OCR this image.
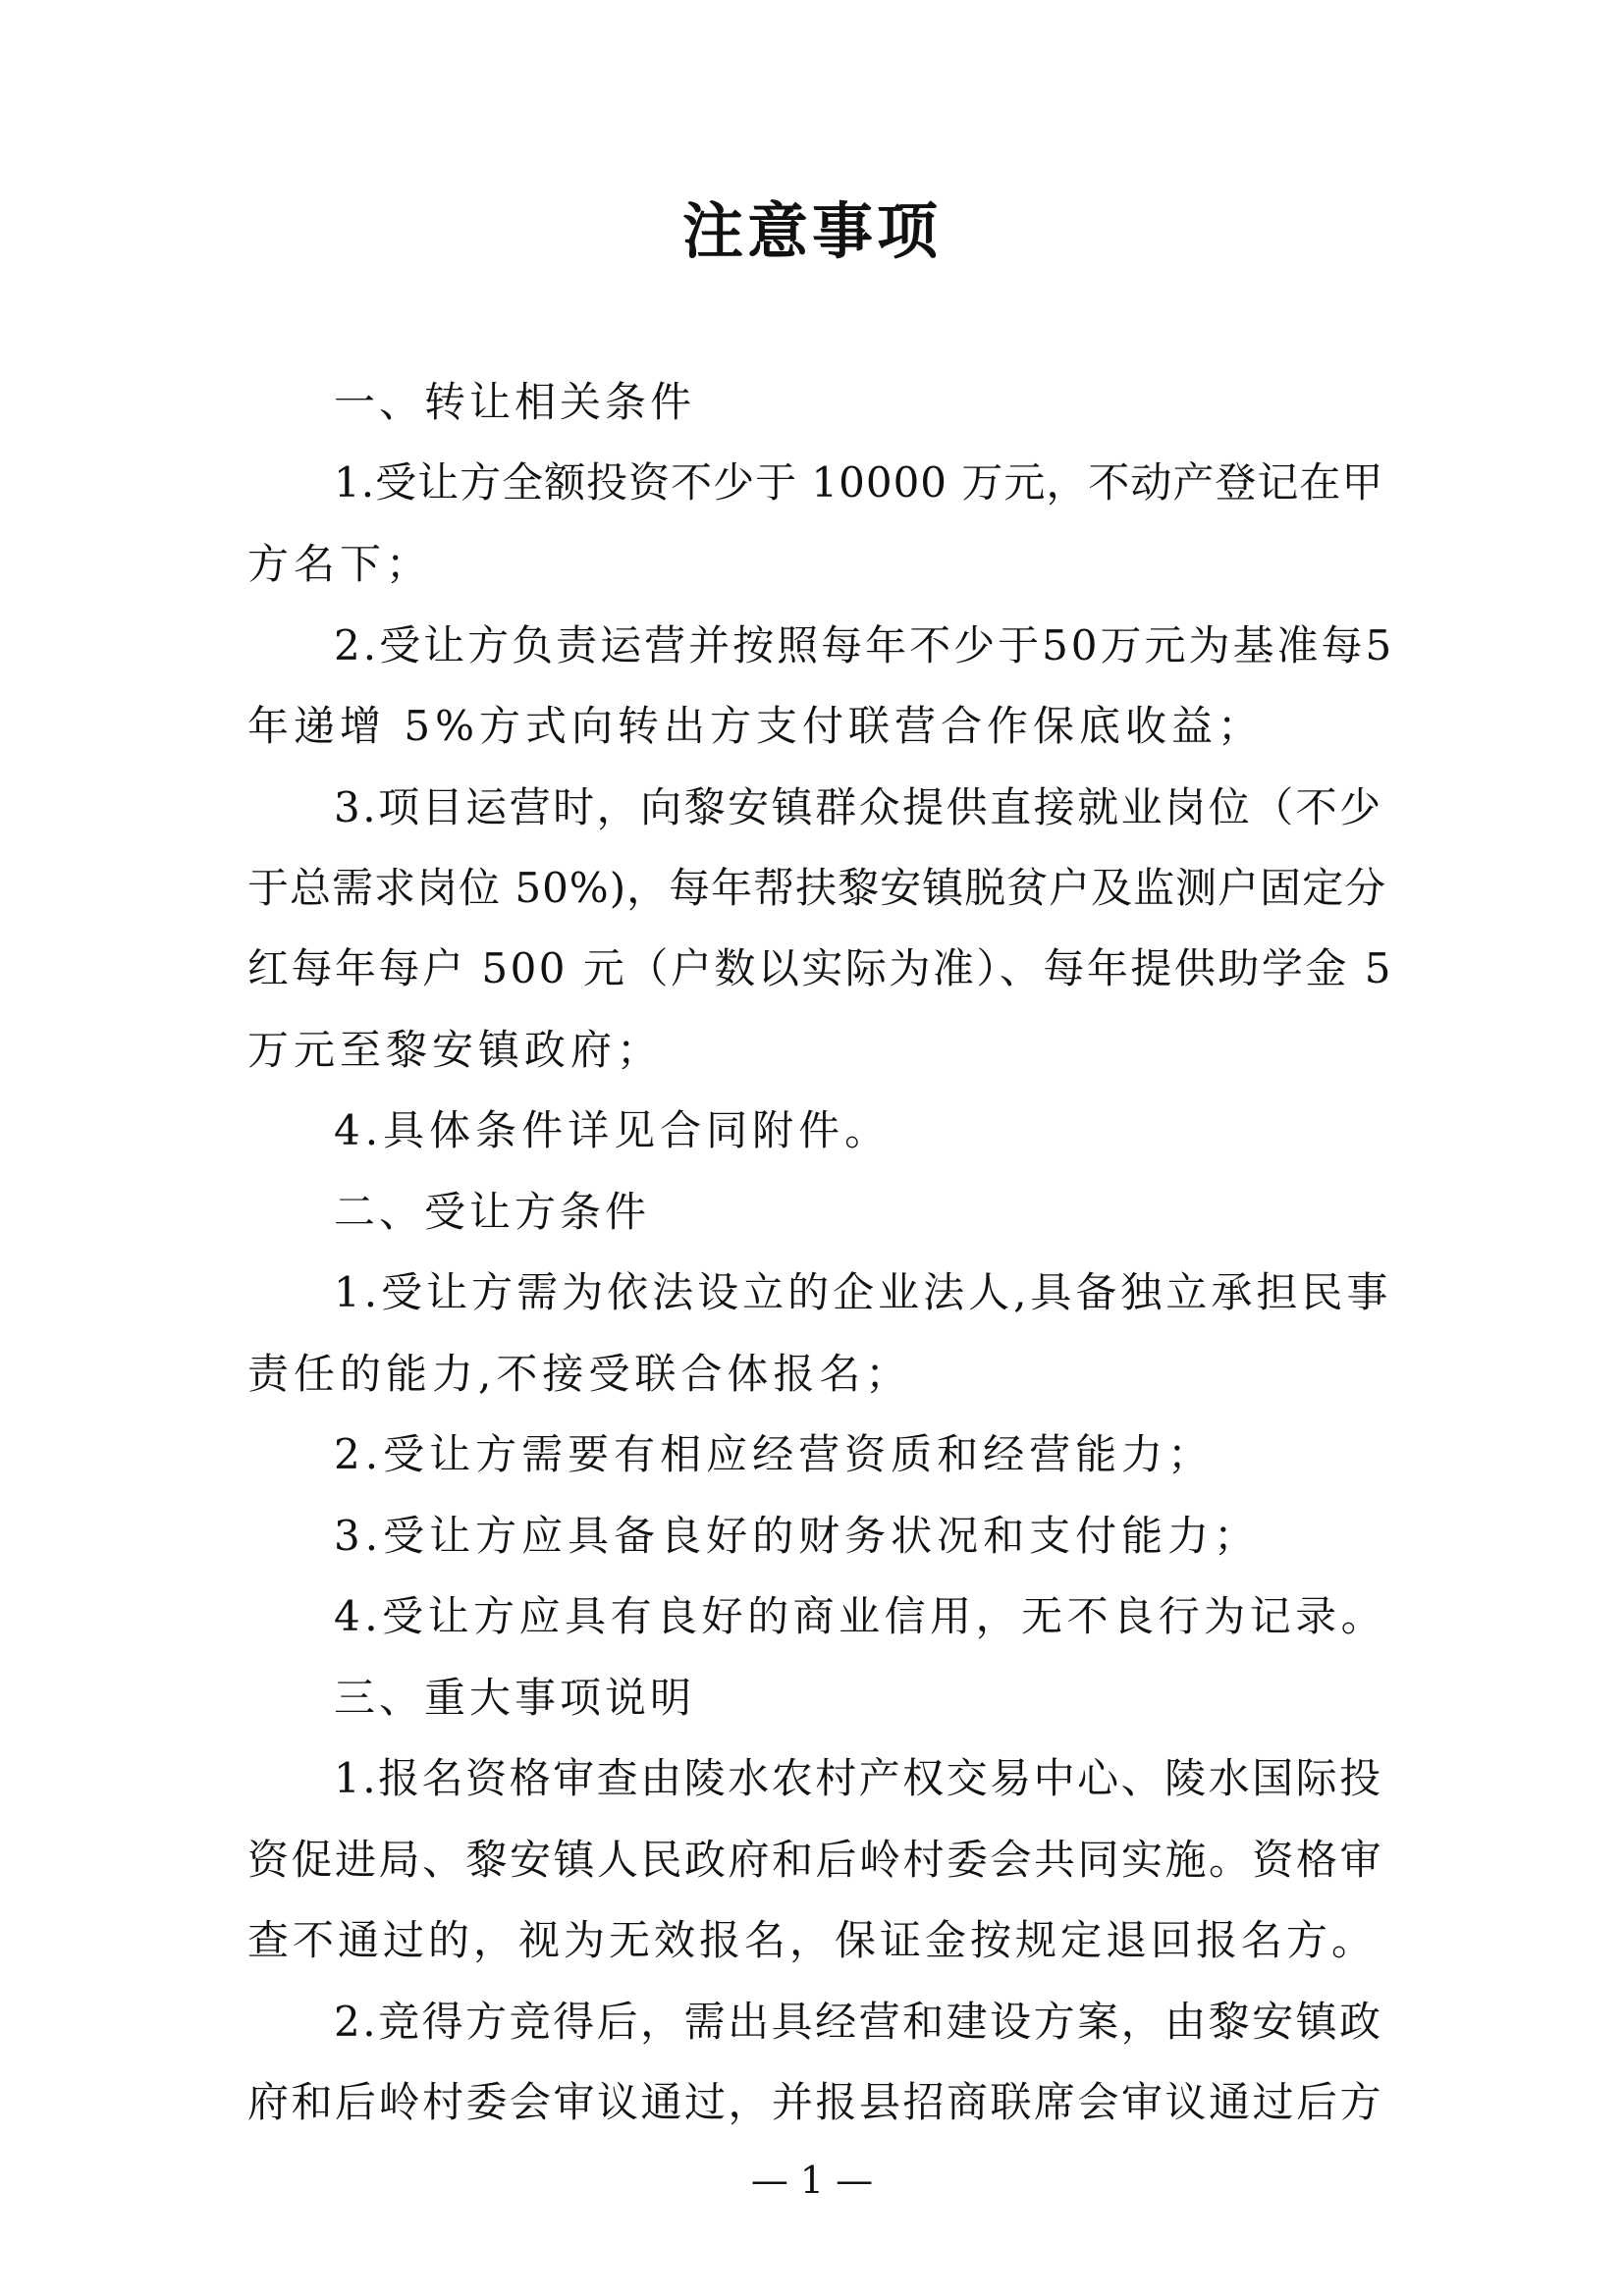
注意事项
一、转让相关条件
1.受让方全额投资不少于 10000 万元，不动产登记在甲
方名下；
2.受让方负责运营并按照每年不少于50万元为基准每5
年递增 5%方式向转出方支付联营合作保底收益；
3.项目运营时，向黎安镇群众提供直接就业岗位（不少
于总需求岗位 50%)，每年帮扶黎安镇脱贫户及监测户固定分
红每年每户 500 元（户数以实际为准）、每年提供助学金 5
万元至黎安镇政府；
4.具体条件详见合同附件。
二、受让方条件
1.受让方需为依法设立的企业法人,具备独立承担民事
责任的能力,不接受联合体报名；
2.受让方需要有相应经营资质和经营能力；
3.受让方应具备良好的财务状况和支付能力；
4.受让方应具有良好的商业信用，无不良行为记录。
三、重大事项说明
1.报名资格审查由陵水农村产权交易中心、陵水国际投
资促进局、黎安镇人民政府和后岭村委会共同实施。资格审
查不通过的，视为无效报名，保证金按规定退回报名方。
2.竞得方竞得后，需出具经营和建设方案，由黎安镇政
府和后岭村委会审议通过，并报县招商联席会审议通过后方
— 1 —
